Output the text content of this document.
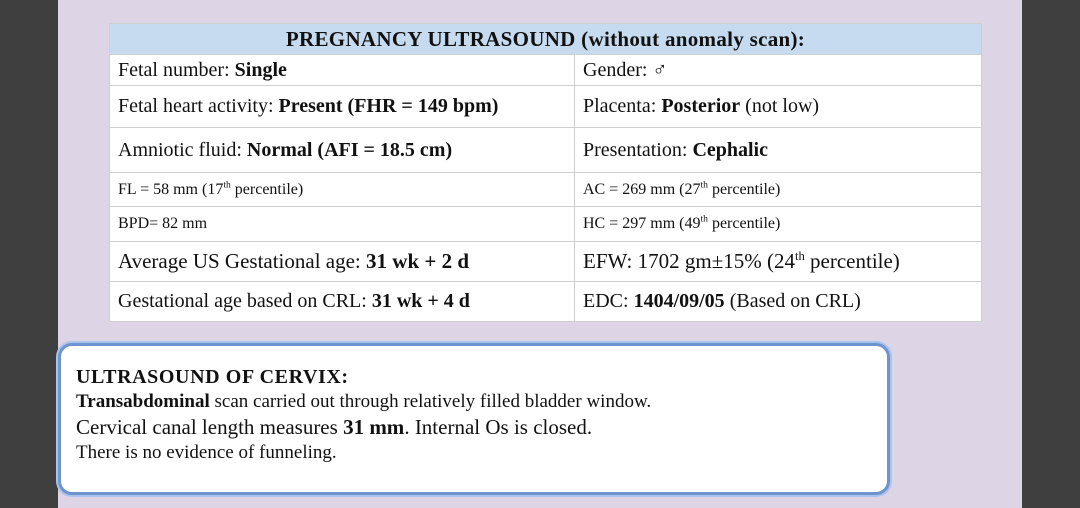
PREGNANCY ULTRASOUND (without anomaly scan):	
Fetal number: Single	Gender: ♂
Fetal heart activity: Present (FHR = 149 bpm)	Placenta: Posterior (not low)
Amniotic fluid: Normal (AFI = 18.5 cm)	Presentation: Cephalic
FL = 58 mm (17th percentile)	AC = 269 mm (27th percentile)
BPD= 82 mm	HC = 297 mm (49th percentile)
Average US Gestational age: 31 wk + 2 d	EFW: 1702 gm±15% (24th percentile)
Gestational age based on CRL: 31 wk + 4 d	EDC: 1404/09/05 (Based on CRL)
ULTRASOUND OF CERVIX:
Transabdominal scan carried out through relatively filled bladder window.
Cervical canal length measures 31 mm. Internal Os is closed.
There is no evidence of funneling.
